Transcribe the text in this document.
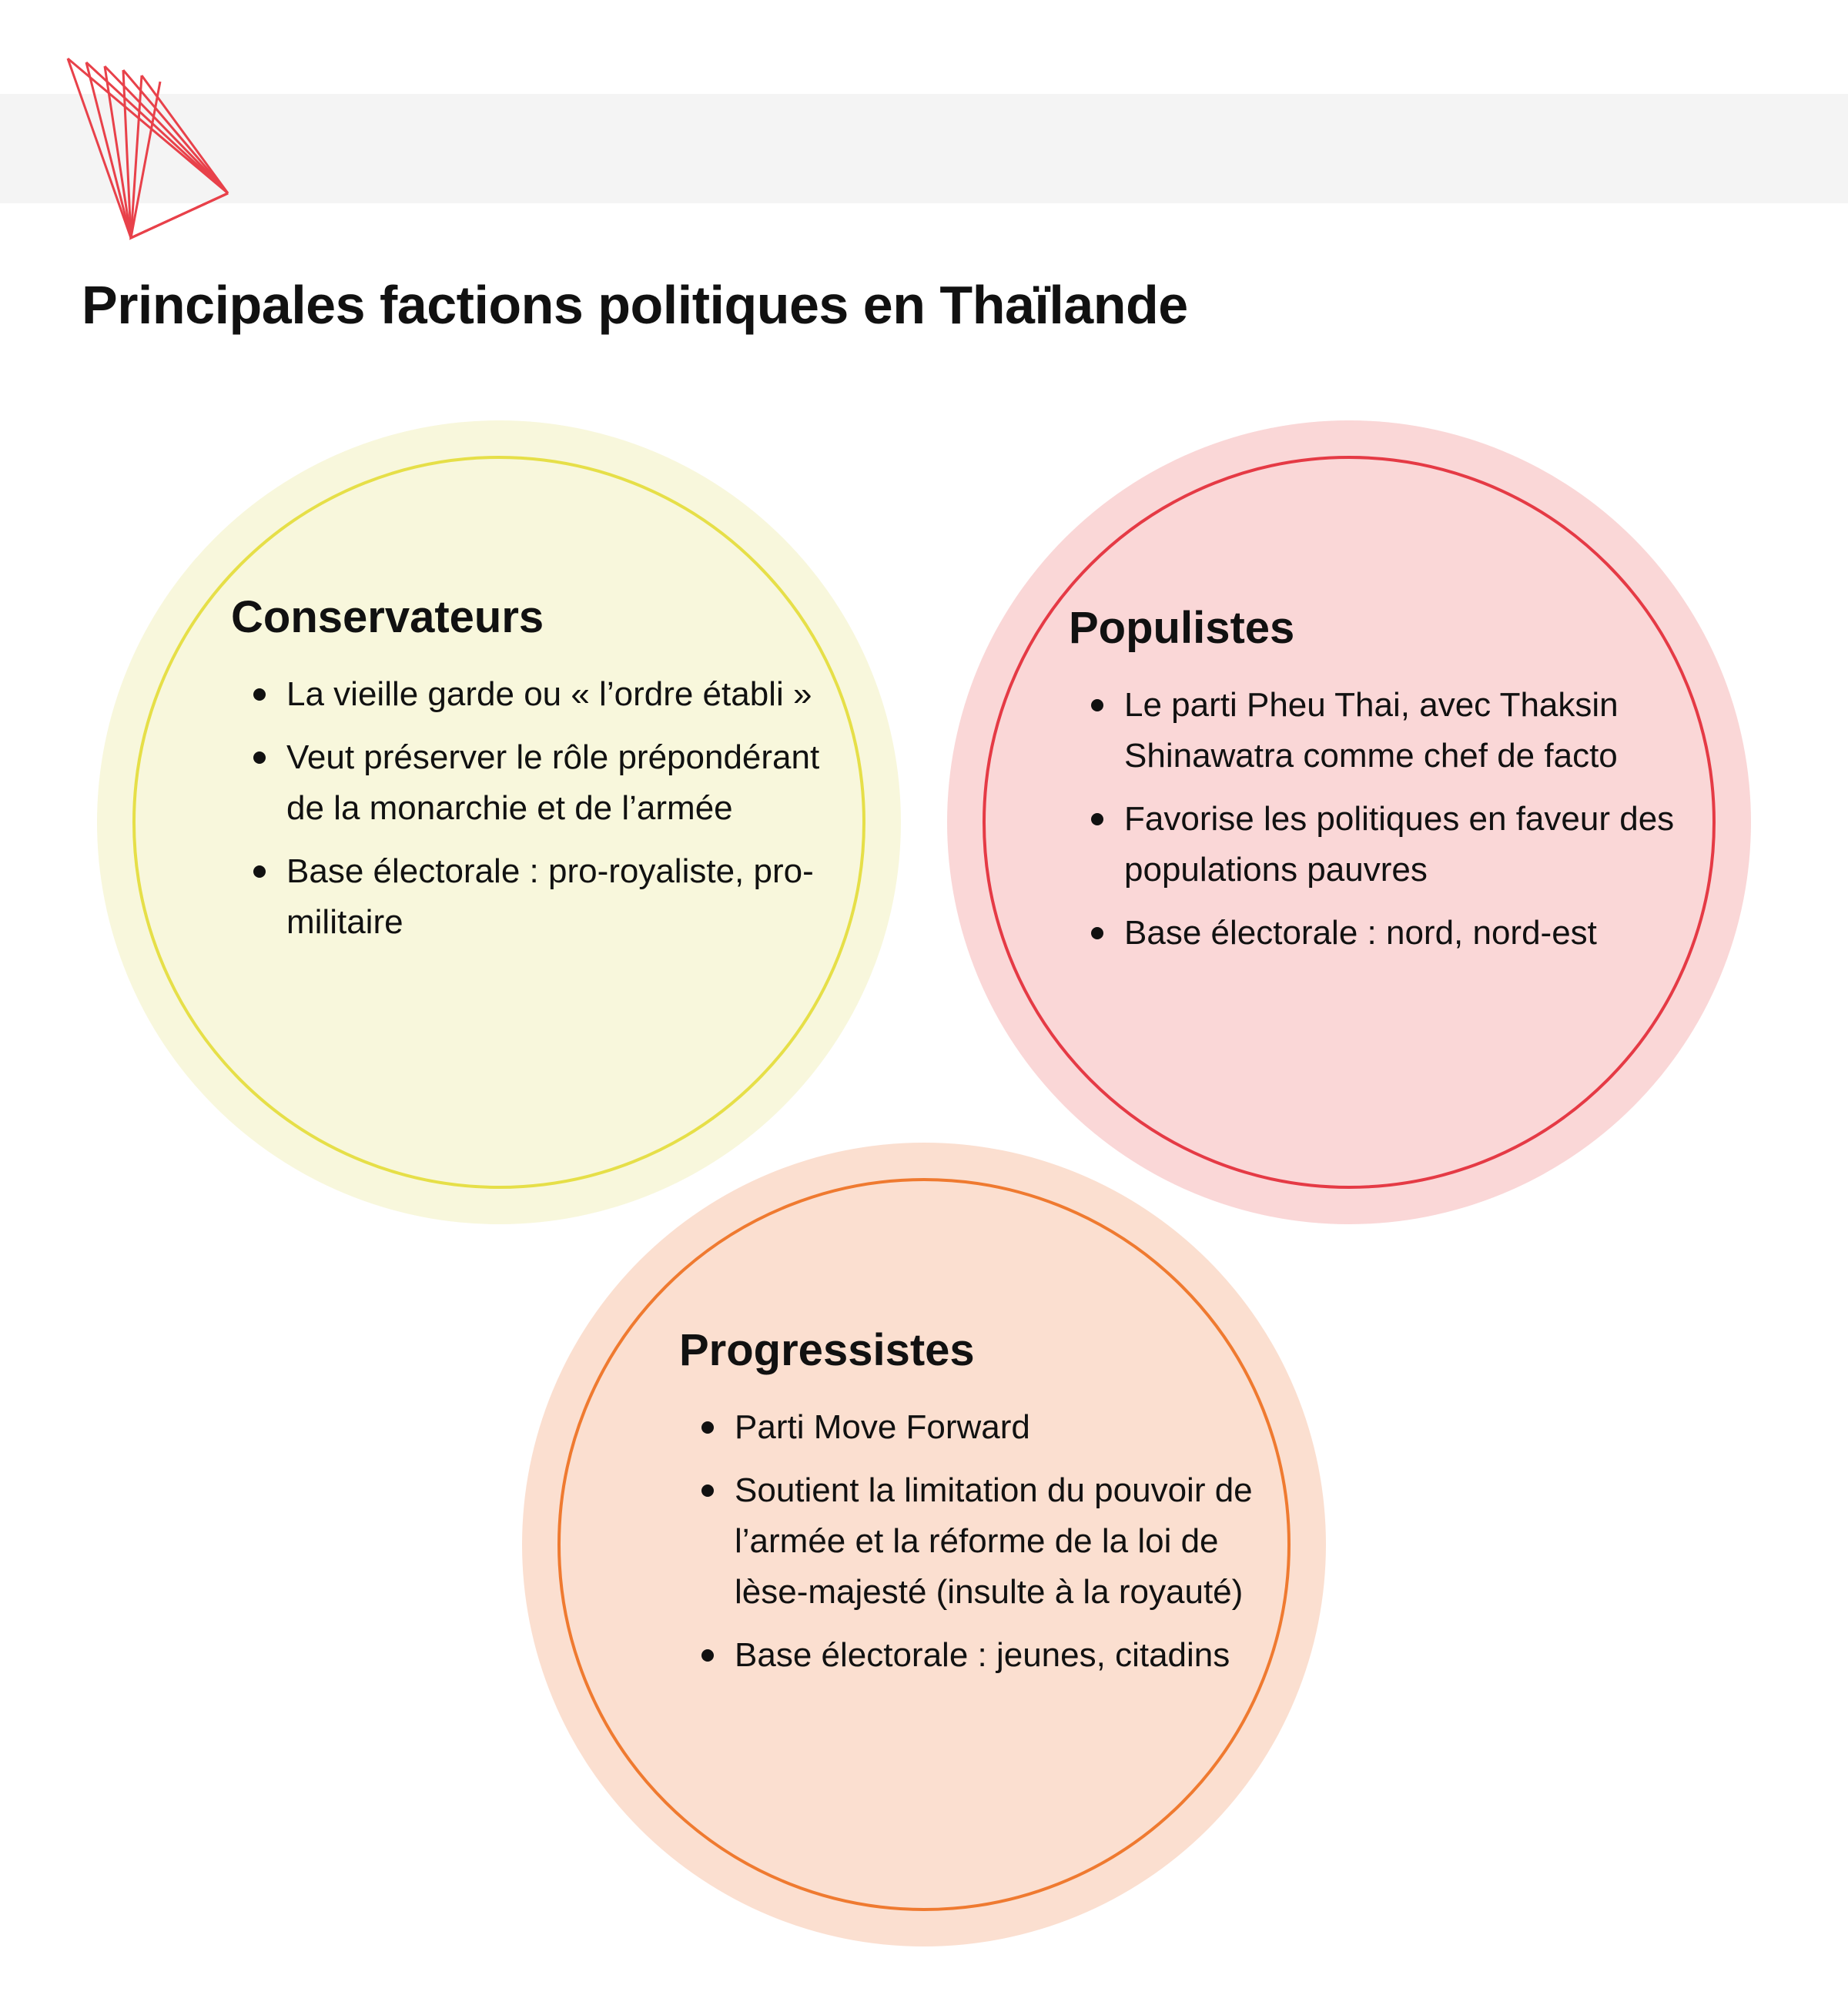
Principales factions politiques en Thaïlande
Conservateurs
La vieille garde ou « l’ordre établi »
Veut préserver le rôle prépondérant de la monarchie et de l’armée
Base électorale : pro-royaliste, pro-militaire
Populistes
Le parti Pheu Thai, avec Thaksin Shinawatra comme chef de facto
Favorise les politiques en faveur des populations pauvres
Base électorale : nord, nord-est
Progressistes
Parti Move Forward
Soutient la limitation du pouvoir de   l’armée et la réforme de la loi de lèse-majesté (insulte à la royauté)
Base électorale : jeunes, citadins
